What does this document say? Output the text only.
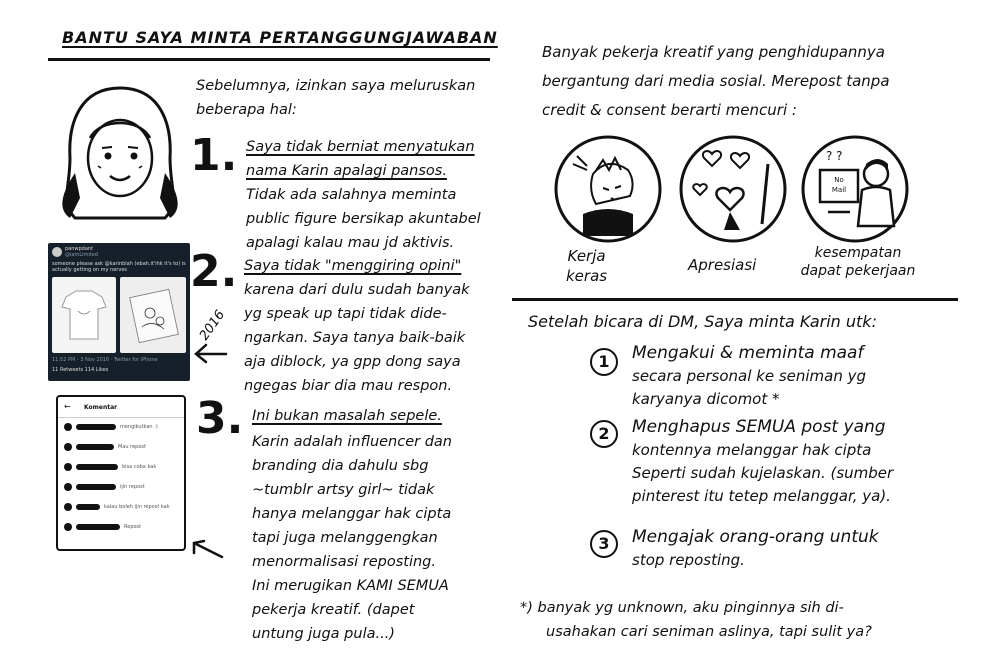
BANTU SAYA MINTA PERTANGGUNGJAWABAN
Sebelumnya, izinkan saya meluruskan
beberapa hal:
1. Saya tidak berniat menyatukan
nama Karin apalagi pansos.
Tidak ada salahnya meminta
public figure bersikap akuntabel
apalagi kalau mau jd aktivis.
panwpdant
@iamLimited
someone please ask @karinblah (ebah.it'ihk it's to) is actually getting on my nerves
11:52 PM - 3 Nov 2016 · Twitter for iPhone
11 Retweets 114 Likes
2016
2. Saya tidak "menggiring opini"
karena dari dulu sudah banyak
yg speak up tapi tidak dide-
ngarkan. Saya tanya baik-baik
aja diblock, ya gpp dong saya
ngegas biar dia mau respon.
← Komentar
mengikutkan :)
Mau repost
bisa coba kak
ijin repost
kalau boleh ijin repost kak
Repost
3. Ini bukan masalah sepele.
Karin adalah influencer dan
branding dia dahulu sbg
~tumblr artsy girl~ tidak
hanya melanggar hak cipta
tapi juga melanggengkan
menormalisasi reposting.
Ini merugikan KAMI SEMUA
pekerja kreatif. (dapet
untung juga pula...)
Banyak pekerja kreatif yang penghidupannya
bergantung dari media sosial. Merepost tanpa
credit & consent berarti mencuri :
Kerja
keras
Apresiasi
No
Mail
? ?
kesempatan
dapat pekerjaan
Setelah bicara di DM, Saya minta Karin utk:
1	Mengakui & meminta maaf
secara personal ke seniman yg
karyanya dicomot *
2	Menghapus SEMUA post yang
kontennya melanggar hak cipta
Seperti sudah kujelaskan. (sumber
pinterest itu tetep melanggar, ya).
3	Mengajak orang-orang untuk
stop reposting.
*) banyak yg unknown, aku pinginnya sih di-
usahakan cari seniman aslinya, tapi sulit ya?
